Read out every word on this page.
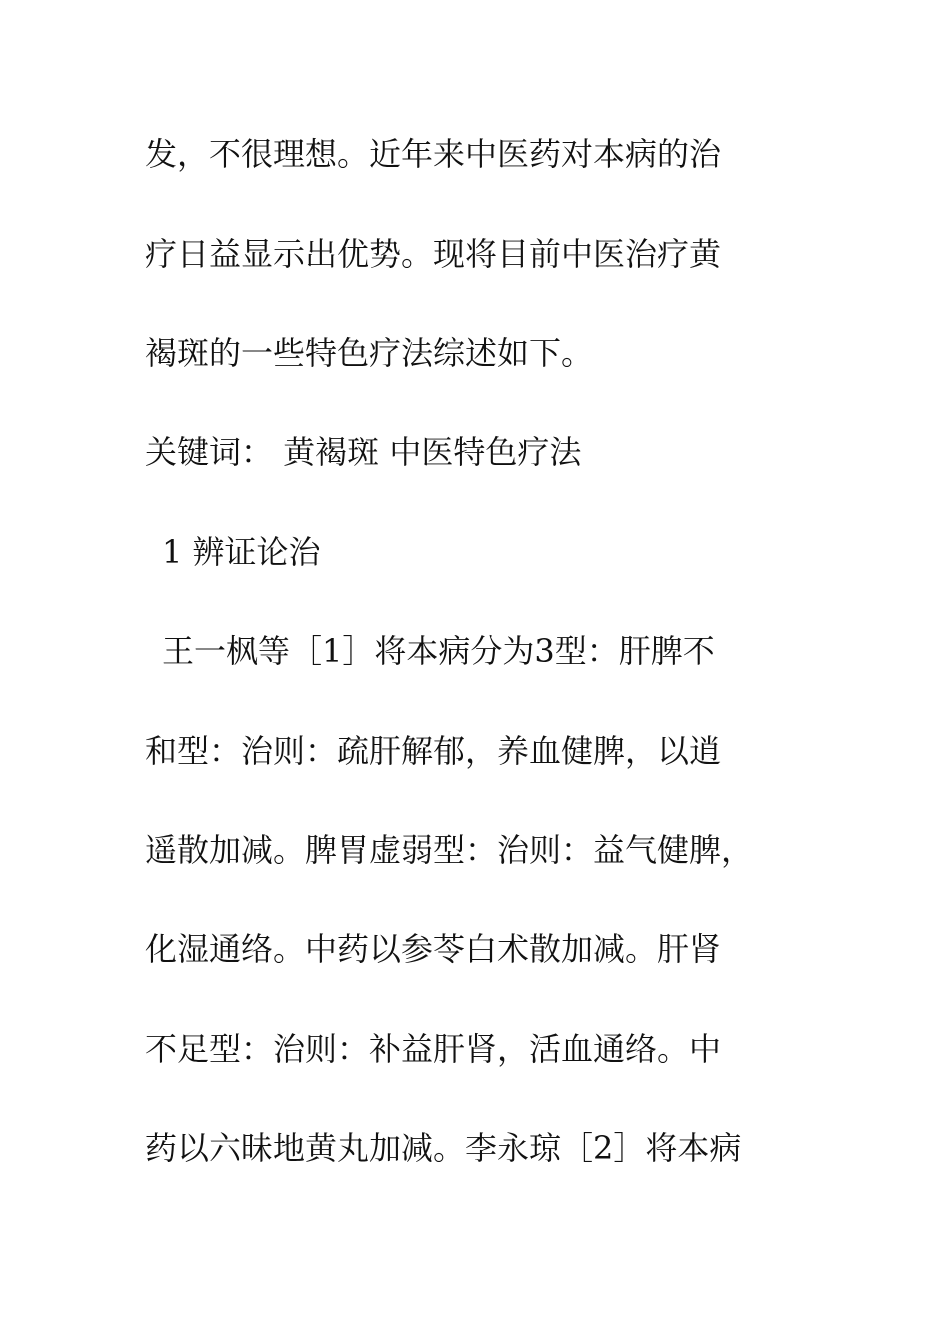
发，不很理想。近年来中医药对本病的治
疗日益显示出优势。现将目前中医治疗黄
褐斑的一些特色疗法综述如下。
关键词： 黄褐斑 中医特色疗法
1 辨证论治
王一枫等［1］将本病分为3型：肝脾不
和型：治则：疏肝解郁，养血健脾，以逍
遥散加减。脾胃虚弱型：治则：益气健脾，
化湿通络。中药以参苓白术散加减。肝肾
不足型：治则：补益肝肾，活血通络。中
药以六昧地黄丸加减。李永琼［2］将本病
